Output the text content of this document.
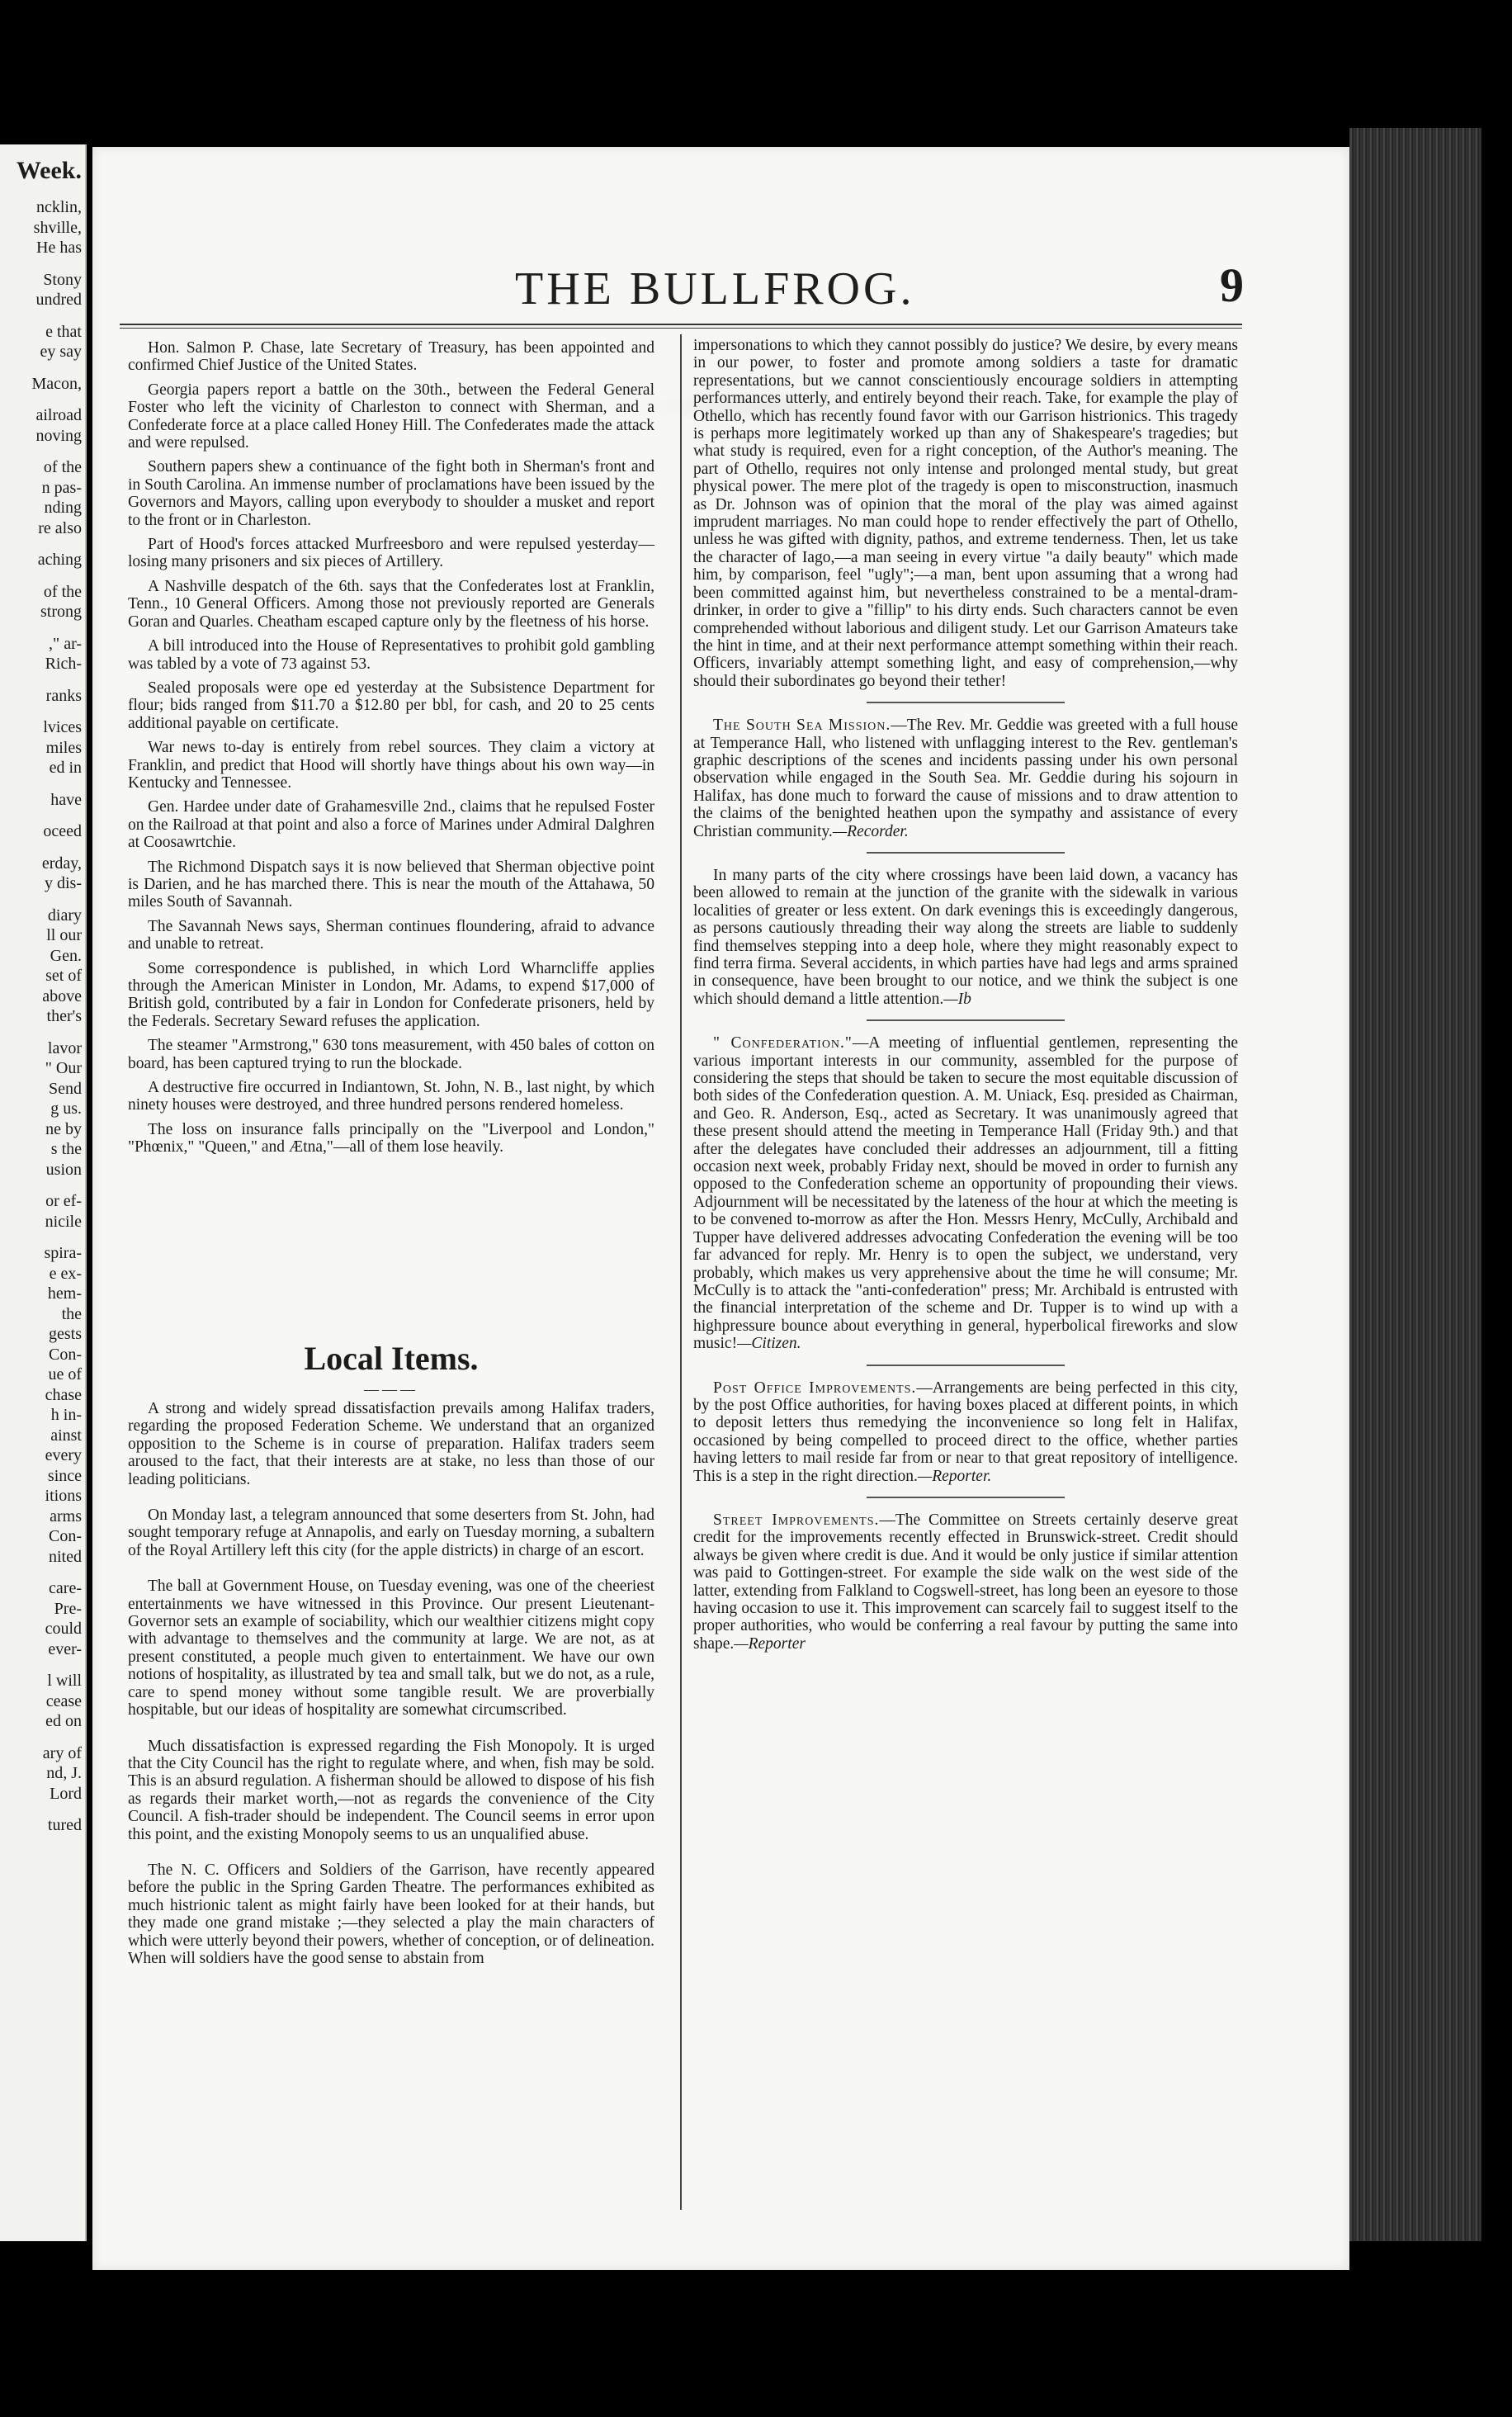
Week.
ncklin,
shville,
He has
Stony
undred
e that
ey say
Macon,
ailroad
noving
of the
n pas-
nding
re also
aching
of the
strong
," ar-
Rich-
ranks
lvices
miles
ed in
have
oceed
erday,
y dis-
diary
ll our
Gen.
set of
above
ther's
lavor
" Our
Send
g us.
ne by
s the
usion
or ef-
nicile
spira-
e ex-
hem-
the
gests
Con-
ue of
chase
h in-
ainst
every
since
itions
arms
Con-
nited
care-
Pre-
could
ever-
l will
cease
ed on
ary of
nd, J.
Lord
tured
THE BULLFROG.	9

Hon. Salmon P. Chase, late Secretary of Treasury, has been appointed and confirmed Chief Justice of the United States.

Georgia papers report a battle on the 30th., between the Federal General Foster who left the vicinity of Charleston to connect with Sherman, and a Confederate force at a place called Honey Hill. The Confederates made the attack and were repulsed.

Southern papers shew a continuance of the fight both in Sherman's front and in South Carolina. An immense number of proclamations have been issued by the Governors and Mayors, calling upon everybody to shoulder a musket and report to the front or in Charleston.

Part of Hood's forces attacked Murfreesboro and were repulsed yesterday—losing many prisoners and six pieces of Artillery.

A Nashville despatch of the 6th. says that the Confederates lost at Franklin, Tenn., 10 General Officers. Among those not previously reported are Generals Goran and Quarles. Cheatham escaped capture only by the fleetness of his horse.

A bill introduced into the House of Representatives to prohibit gold gambling was tabled by a vote of 73 against 53.

Sealed proposals were ope ed yesterday at the Subsistence Department for flour; bids ranged from $11.70 a $12.80 per bbl, for cash, and 20 to 25 cents additional payable on certificate.

War news to-day is entirely from rebel sources. They claim a victory at Franklin, and predict that Hood will shortly have things about his own way—in Kentucky and Tennessee.

Gen. Hardee under date of Grahamesville 2nd., claims that he repulsed Foster on the Railroad at that point and also a force of Marines under Admiral Dalghren at Coosawrtchie.

The Richmond Dispatch says it is now believed that Sherman objective point is Darien, and he has marched there. This is near the mouth of the Attahawa, 50 miles South of Savannah.

The Savannah News says, Sherman continues floundering, afraid to advance and unable to retreat.

Some correspondence is published, in which Lord Wharncliffe applies through the American Minister in London, Mr. Adams, to expend $17,000 of British gold, contributed by a fair in London for Confederate prisoners, held by the Federals. Secretary Seward refuses the application.

The steamer "Armstrong," 630 tons measurement, with 450 bales of cotton on board, has been captured trying to run the blockade.

A destructive fire occurred in Indiantown, St. John, N. B., last night, by which ninety houses were destroyed, and three hundred persons rendered homeless.

The loss on insurance falls principally on the "Liverpool and London," "Phœnix," "Queen," and Ætna,"—all of them lose heavily.

Local Items.

———

A strong and widely spread dissatisfaction prevails among Halifax traders, regarding the proposed Federation Scheme. We understand that an organized opposition to the Scheme is in course of preparation. Halifax traders seem aroused to the fact, that their interests are at stake, no less than those of our leading politicians.

On Monday last, a telegram announced that some deserters from St. John, had sought temporary refuge at Annapolis, and early on Tuesday morning, a subaltern of the Royal Artillery left this city (for the apple districts) in charge of an escort.

The ball at Government House, on Tuesday evening, was one of the cheeriest entertainments we have witnessed in this Province. Our present Lieutenant-Governor sets an example of sociability, which our wealthier citizens might copy with advantage to themselves and the community at large. We are not, as at present constituted, a people much given to entertainment. We have our own notions of hospitality, as illustrated by tea and small talk, but we do not, as a rule, care to spend money without some tangible result. We are proverbially hospitable, but our ideas of hospitality are somewhat circumscribed.

Much dissatisfaction is expressed regarding the Fish Monopoly. It is urged that the City Council has the right to regulate where, and when, fish may be sold. This is an absurd regulation. A fisherman should be allowed to dispose of his fish as regards their market worth,—not as regards the convenience of the City Council. A fish-trader should be independent. The Council seems in error upon this point, and the existing Monopoly seems to us an unqualified abuse.

The N. C. Officers and Soldiers of the Garrison, have recently appeared before the public in the Spring Garden Theatre. The performances exhibited as much histrionic talent as might fairly have been looked for at their hands, but they made one grand mistake ;—they selected a play the main characters of which were utterly beyond their powers, whether of conception, or of delineation. When will soldiers have the good sense to abstain from

impersonations to which they cannot possibly do justice? We desire, by every means in our power, to foster and promote among soldiers a taste for dramatic representations, but we cannot conscientiously encourage soldiers in attempting performances utterly, and entirely beyond their reach. Take, for example the play of Othello, which has recently found favor with our Garrison histrionics. This tragedy is perhaps more legitimately worked up than any of Shakespeare's tragedies; but what study is required, even for a right conception, of the Author's meaning. The part of Othello, requires not only intense and prolonged mental study, but great physical power. The mere plot of the tragedy is open to misconstruction, inasmuch as Dr. Johnson was of opinion that the moral of the play was aimed against imprudent marriages. No man could hope to render effectively the part of Othello, unless he was gifted with dignity, pathos, and extreme tenderness. Then, let us take the character of Iago,—a man seeing in every virtue "a daily beauty" which made him, by comparison, feel "ugly";—a man, bent upon assuming that a wrong had been committed against him, but nevertheless constrained to be a mental-dram-drinker, in order to give a "fillip" to his dirty ends. Such characters cannot be even comprehended without laborious and diligent study. Let our Garrison Amateurs take the hint in time, and at their next performance attempt something within their reach. Officers, invariably attempt something light, and easy of comprehension,—why should their subordinates go beyond their tether!

The South Sea Mission.—The Rev. Mr. Geddie was greeted with a full house at Temperance Hall, who listened with unflagging interest to the Rev. gentleman's graphic descriptions of the scenes and incidents passing under his own personal observation while engaged in the South Sea. Mr. Geddie during his sojourn in Halifax, has done much to forward the cause of missions and to draw attention to the claims of the benighted heathen upon the sympathy and assistance of every Christian community.—Recorder.

In many parts of the city where crossings have been laid down, a vacancy has been allowed to remain at the junction of the granite with the sidewalk in various localities of greater or less extent. On dark evenings this is exceedingly dangerous, as persons cautiously threading their way along the streets are liable to suddenly find themselves stepping into a deep hole, where they might reasonably expect to find terra firma. Several accidents, in which parties have had legs and arms sprained in consequence, have been brought to our notice, and we think the subject is one which should demand a little attention.—Ib

" Confederation."—A meeting of influential gentlemen, representing the various important interests in our community, assembled for the purpose of considering the steps that should be taken to secure the most equitable discussion of both sides of the Confederation question. A. M. Uniack, Esq. presided as Chairman, and Geo. R. Anderson, Esq., acted as Secretary. It was unanimously agreed that these present should attend the meeting in Temperance Hall (Friday 9th.) and that after the delegates have concluded their addresses an adjournment, till a fitting occasion next week, probably Friday next, should be moved in order to furnish any opposed to the Confederation scheme an opportunity of propounding their views. Adjournment will be necessitated by the lateness of the hour at which the meeting is to be convened to-morrow as after the Hon. Messrs Henry, McCully, Archibald and Tupper have delivered addresses advocating Confederation the evening will be too far advanced for reply. Mr. Henry is to open the subject, we understand, very probably, which makes us very apprehensive about the time he will consume; Mr. McCully is to attack the "anti-confederation" press; Mr. Archibald is entrusted with the financial interpretation of the scheme and Dr. Tupper is to wind up with a highpressure bounce about everything in general, hyperbolical fireworks and slow music!—Citizen.

Post Office Improvements.—Arrangements are being perfected in this city, by the post Office authorities, for having boxes placed at different points, in which to deposit letters thus remedying the inconvenience so long felt in Halifax, occasioned by being compelled to proceed direct to the office, whether parties having letters to mail reside far from or near to that great repository of intelligence. This is a step in the right direction.—Reporter.

Street Improvements.—The Committee on Streets certainly deserve great credit for the improvements recently effected in Brunswick-street. Credit should always be given where credit is due. And it would be only justice if similar attention was paid to Gottingen-street. For example the side walk on the west side of the latter, extending from Falkland to Cogswell-street, has long been an eyesore to those having occasion to use it. This improvement can scarcely fail to suggest itself to the proper authorities, who would be conferring a real favour by putting the same into shape.—Reporter
